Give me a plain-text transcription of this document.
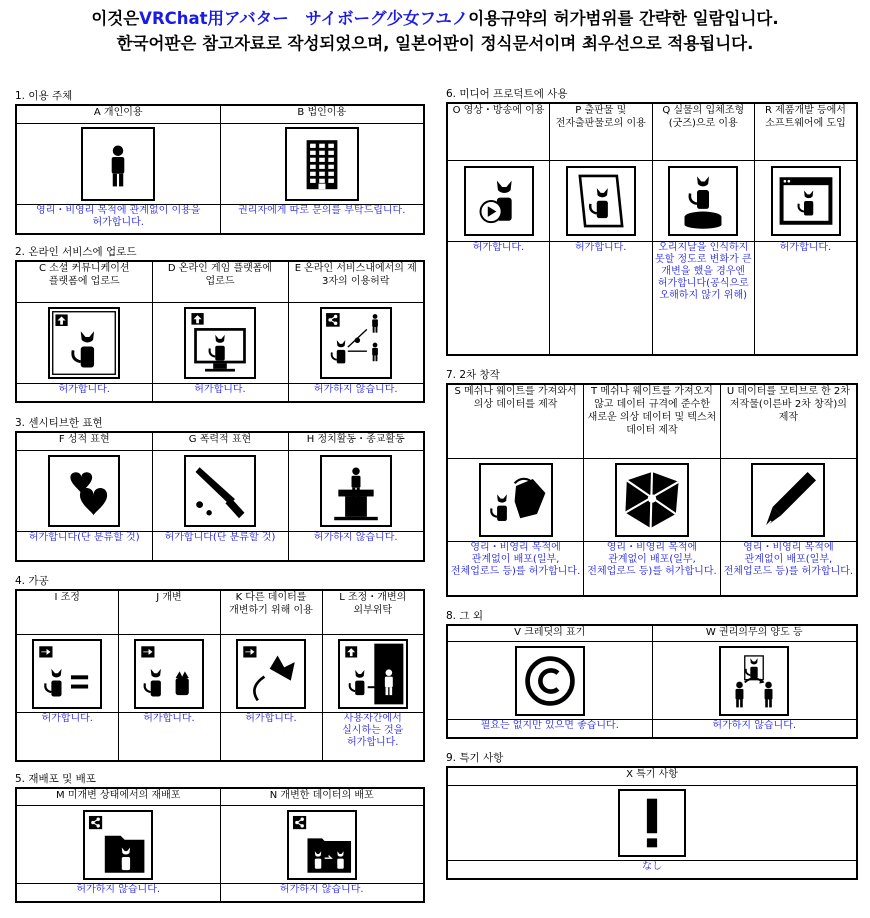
이것은VRChat用アバター　サイボーグ少女フユノ이용규약의 허가범위를 간략한 일람입니다.
한국어판은 참고자료로 작성되었으며, 일본어판이 정식문서이며 최우선으로 적용됩니다.
1. 이용 주체
A 개인이용	B 법인이용

영리・비영리 목적에 관계없이 이용을 허가합니다.	권리자에게 따로 문의를 부탁드립니다.
2. 온라인 서비스에 업로드
C 소셜 커뮤니케이션 플랫폼에 업로드	D 온라인 게임 플랫폼에 업로드	E 온라인 서비스내에서의 제 3자의 이용허락

허가합니다.	허가합니다.	허가하지 않습니다.
3. 센시티브한 표현
F 성적 표현	G 폭력적 표현	H 정치활동・종교활동

허가합니다(단 분류할 것)	허가합니다(단 분류할 것)	허가하지 않습니다.
4. 가공
I 조정	J 개변	K 다른 데이터를 개변하기 위해 이용	L 조정・개변의 외부위탁

허가합니다.	허가합니다.	허가합니다.	사용자간에서 실시하는 것을 허가합니다.
5. 재배포 및 배포
M 미개변 상태에서의 재배포	N 개변한 데이터의 배포

허가하지 않습니다.	허가하지 않습니다.
6. 미디어 프로덕트에 사용
O 영상・방송에 이용	P 출판물 및 전자출판물로의 이용	Q 실물의 입체조형(굿즈)으로 이용	R 제품개발 등에서 소프트웨어에 도입

허가합니다.	허가합니다.	오리지날을 인식하지 못할 정도로 변화가 큰 개변을 했을 경우엔 허가합니다(공식으로 오해하지 않기 위해)	허가합니다.
7. 2차 창작
S 메쉬나 웨이트를 가져와서 의상 데이터를 제작	T 메쉬나 웨이트를 가져오지 않고 데이터 규격에 준수한 새로운 의상 데이터 및 텍스처 데이터 제작	U 데이터를 모티브로 한 2차 저작물(이른바 2차 창작)의 제작

영리・비영리 목적에 관계없이 배포(일부, 전체업로드 등)를 허가합니다.	영리・비영리 목적에 관계없이 배포(일부, 전체업로드 등)를 허가합니다.	영리・비영리 목적에 관계없이 배포(일부, 전체업로드 등)를 허가합니다.
8. 그 외
V 크레딧의 표기	W 권리의무의 양도 등

필요는 없지만 있으면 좋습니다.	허가하지 않습니다.
9. 특기 사항
X 특기 사항

なし
